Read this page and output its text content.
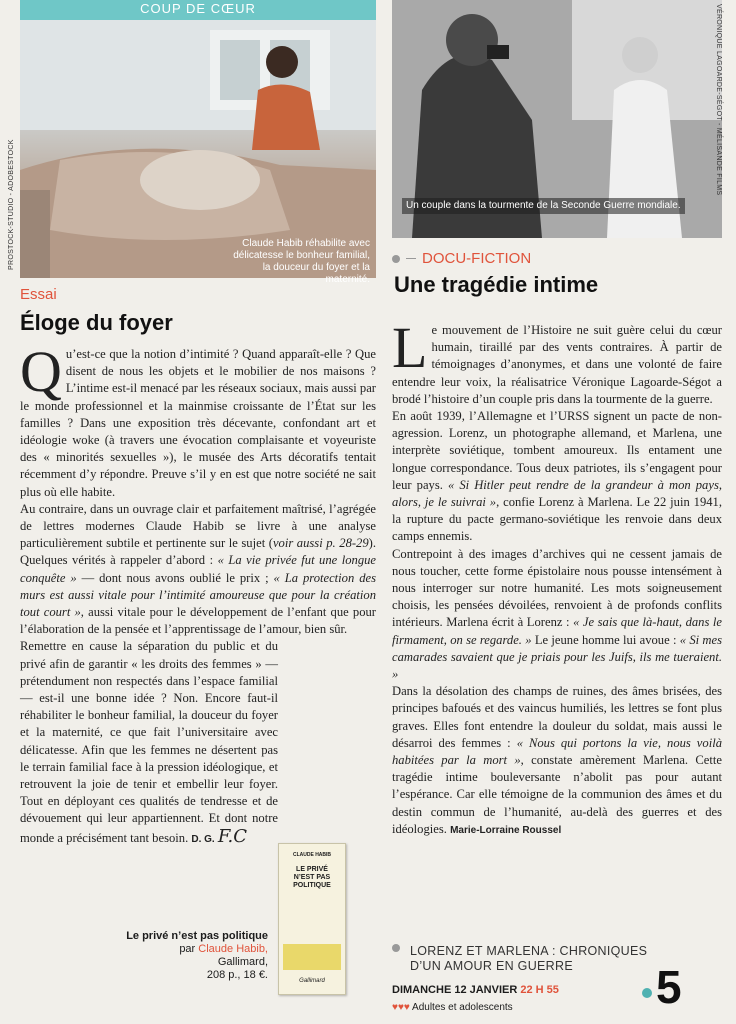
COUP DE CŒUR
Claude Habib réhabilite avec délicatesse le bonheur familial, la douceur du foyer et la maternité.
PROSTOCK-STUDIO - ADOBESTOCK	Un couple dans la tourmente de la Seconde Guerre mondiale.
VÉRONIQUE LAGOARDE-SÉGOT - MÉLISANDE FILMS
Essai
Éloge du foyer

Qu’est-ce que la notion d’intimité ? Quand apparaît-elle ? Que disent de nous les objets et le mobilier de nos maisons ? L’intime est-il menacé par les réseaux sociaux, mais aussi par le monde professionnel et la mainmise croissante de l’État sur les familles ? Dans une exposition très décevante, confondant art et idéologie woke (à travers une évocation complaisante et voyeuriste des « minorités sexuelles »), le musée des Arts décoratifs tentait récemment d’y répondre. Preuve s’il y en est que notre société ne sait plus où elle habite.

Au contraire, dans un ouvrage clair et parfaitement maîtrisé, l’agrégée de lettres modernes Claude Habib se livre à une analyse particulièrement subtile et pertinente sur le sujet (voir aussi p. 28-29). Quelques vérités à rappeler d’abord : « La vie privée fut une longue conquête » — dont nous avons oublié le prix ; « La protection des murs est aussi vitale pour l’intimité amoureuse que pour la création tout court », aussi vitale pour le développement de l’enfant que pour l’élaboration de la pensée et l’apprentissage de l’amour, bien sûr.

Remettre en cause la séparation du public et du privé afin de garantir « les droits des femmes » — prétendument non respectés dans l’espace familial — est-il une bonne idée ? Non. Encore faut-il réhabiliter le bonheur familial, la douceur du foyer et la maternité, ce que fait l’universitaire avec délicatesse. Afin que les femmes ne désertent pas le terrain familial face à la pression idéologique, et retrouvent la joie de tenir et embellir leur foyer. Tout en déployant ces qualités de tendresse et de dévouement qui leur appartiennent. Et dont notre monde a précisément tant besoin. D. G. F.C

CLAUDE HABIB
LE PRIVÉ N’EST PAS POLITIQUE
Gallimard
Le privé n’est pas politique
par Claude Habib,
Gallimard,
208 p., 18 €.
DOCU-FICTION
Une tragédie intime

Le mouvement de l’Histoire ne suit guère celui du cœur humain, tiraillé par des vents contraires. À partir de témoignages d’anonymes, et dans une volonté de faire entendre leur voix, la réalisatrice Véronique Lagoarde-Ségot a brodé l’histoire d’un couple pris dans la tourmente de la guerre.

En août 1939, l’Allemagne et l’URSS signent un pacte de non-agression. Lorenz, un photographe allemand, et Marlena, une interprète soviétique, tombent amoureux. Ils entament une longue correspondance. Tous deux patriotes, ils s’engagent pour leur pays. « Si Hitler peut rendre de la grandeur à mon pays, alors, je le suivrai », confie Lorenz à Marlena. Le 22 juin 1941, la rupture du pacte germano-soviétique les renvoie dans deux camps ennemis.

Contrepoint à des images d’archives qui ne cessent jamais de nous toucher, cette forme épistolaire nous pousse intensément à nous interroger sur notre humanité. Les mots soigneusement choisis, les pensées dévoilées, renvoient à de profonds conflits intérieurs. Marlena écrit à Lorenz : « Je sais que là-haut, dans le firmament, on se regarde. » Le jeune homme lui avoue : « Si mes camarades savaient que je priais pour les Juifs, ils me tueraient. »

Dans la désolation des champs de ruines, des âmes brisées, des principes bafoués et des vaincus humiliés, les lettres se font plus graves. Elles font entendre la douleur du soldat, mais aussi le désarroi des femmes : « Nous qui portons la vie, nous voilà habitées par la mort », constate amèrement Marlena. Cette tragédie intime bouleversante n’abolit pas pour autant l’espérance. Car elle témoigne de la communion des âmes et du destin commun de l’humanité, au-delà des guerres et des idéologies. Marie-Lorraine Roussel

LORENZ ET MARLENA : CHRONIQUES
D’UN AMOUR EN GUERRE
DIMANCHE 12 JANVIER 22 H 55
♥♥♥ Adultes et adolescents	5
